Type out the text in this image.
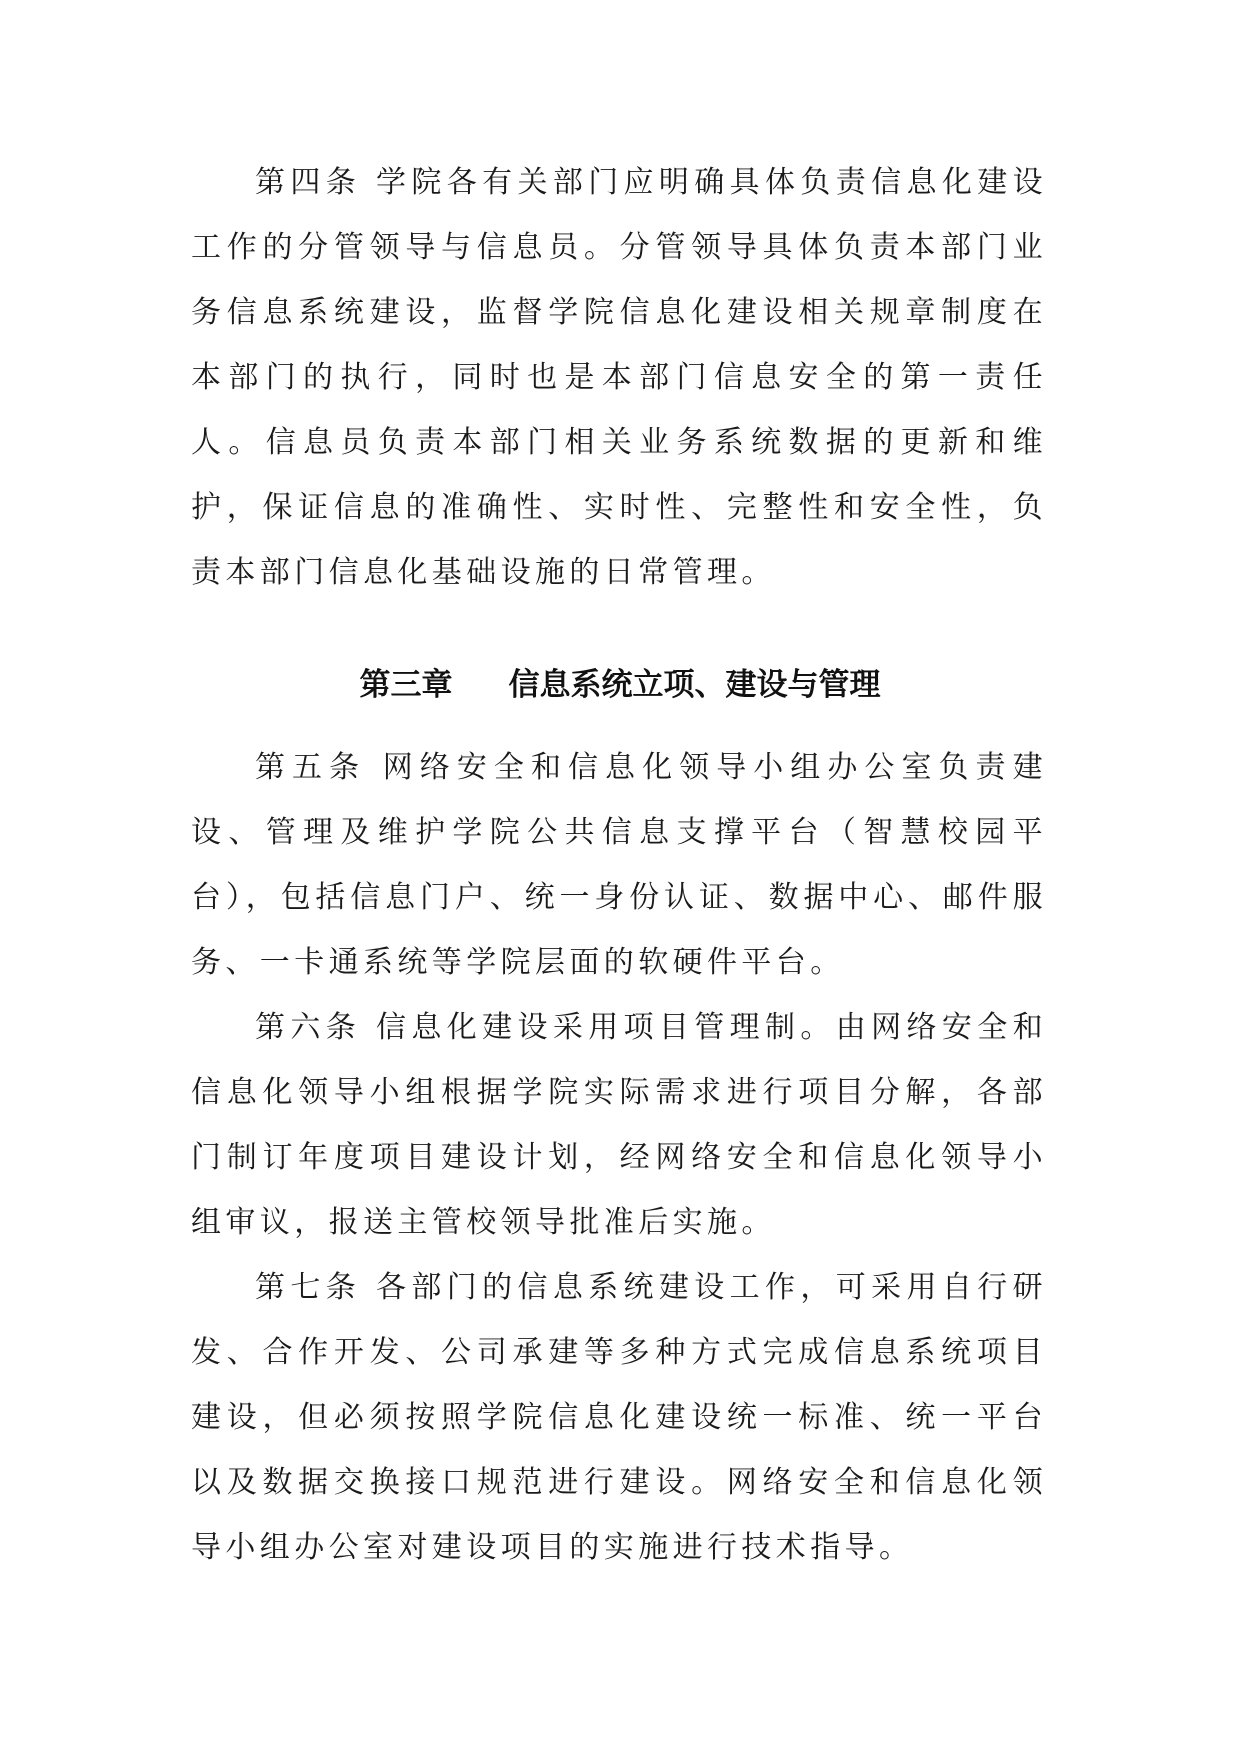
第四条 学院各有关部门应明确具体负责信息化建设工作的分管领导与信息员。分管领导具体负责本部门业务信息系统建设，监督学院信息化建设相关规章制度在本部门的执行，同时也是本部门信息安全的第一责任人。信息员负责本部门相关业务系统数据的更新和维护，保证信息的准确性、实时性、完整性和安全性，负责本部门信息化基础设施的日常管理。

第三章 信息系统立项、建设与管理

第五条 网络安全和信息化领导小组办公室负责建设、管理及维护学院公共信息支撑平台（智慧校园平台），包括信息门户、统一身份认证、数据中心、邮件服务、一卡通系统等学院层面的软硬件平台。

第六条 信息化建设采用项目管理制。由网络安全和信息化领导小组根据学院实际需求进行项目分解，各部门制订年度项目建设计划，经网络安全和信息化领导小组审议，报送主管校领导批准后实施。

第七条 各部门的信息系统建设工作，可采用自行研发、合作开发、公司承建等多种方式完成信息系统项目建设，但必须按照学院信息化建设统一标准、统一平台以及数据交换接口规范进行建设。网络安全和信息化领导小组办公室对建设项目的实施进行技术指导。
